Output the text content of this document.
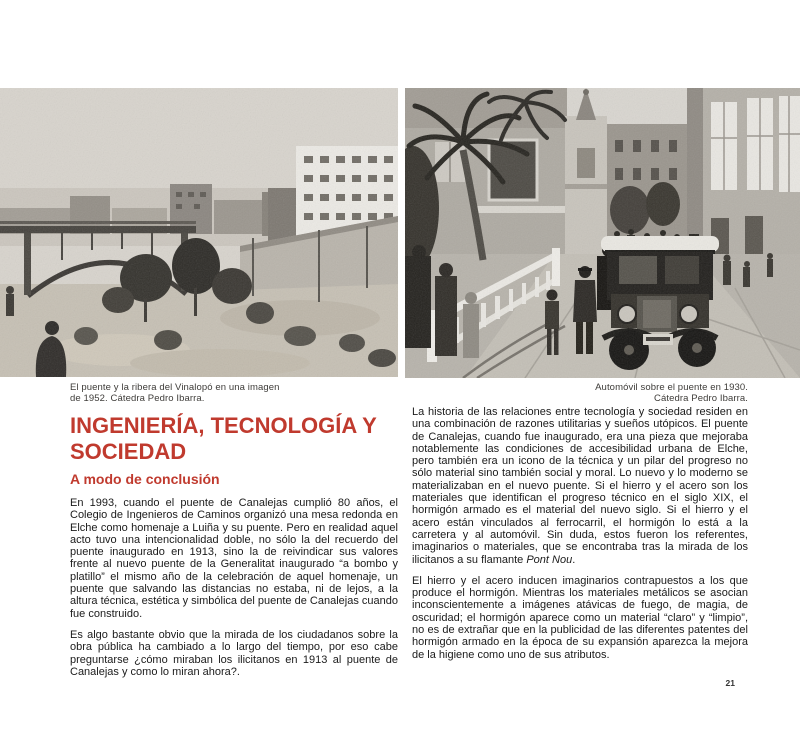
El puente y la ribera del Vinalopó en una imagen
de 1952. Cátedra Pedro Ibarra.
Automóvil sobre el puente en 1930.
Cátedra Pedro Ibarra.
INGENIERÍA, TECNOLOGÍA Y SOCIEDAD
A modo de conclusión

En 1993, cuando el puente de Canalejas cumplió 80 años, el Colegio de Ingenieros de Caminos organizó una mesa redonda en Elche como homenaje a Luiña y su puente. Pero en realidad aquel acto tuvo una intencionalidad doble, no sólo la del recuerdo del puente inaugurado en 1913, sino la de reivindicar sus valores frente al nuevo puente de la Generalitat inaugurado “a bombo y platillo” el mismo año de la celebración de aquel homenaje, un puente que salvando las distancias no estaba, ni de lejos, a la altura técnica, estética y simbólica del puente de Canalejas cuando fue construido.

Es algo bastante obvio que la mirada de los ciudadanos sobre la obra pública ha cambiado a lo largo del tiempo, por eso cabe preguntarse ¿cómo miraban los ilicitanos en 1913 al puente de Canalejas y como lo miran ahora?.

La historia de las relaciones entre tecnología y sociedad residen en una combinación de razones utilitarias y sueños utópicos. El puente de Canalejas, cuando fue inaugurado, era una pieza que mejoraba notablemente las condiciones de accesibilidad urbana de Elche, pero también era un icono de la técnica y un pilar del progreso no sólo material sino también social y moral. Lo nuevo y lo moderno se materializaban en el nuevo puente. Si el hierro y el acero son los materiales que identifican el progreso técnico en el siglo XIX, el hormigón armado es el material del nuevo siglo. Si el hierro y el acero están vinculados al ferrocarril, el hormigón lo está a la carretera y al automóvil. Sin duda, estos fueron los referentes, imaginarios o materiales, que se encontraba tras la mirada de los ilicitanos a su flamante Pont Nou.

El hierro y el acero inducen imaginarios contrapuestos a los que produce el hormigón. Mientras los materiales metálicos se asocian inconscientemente a imágenes atávicas de fuego, de magia, de oscuridad; el hormigón aparece como un material “claro” y “limpio”, no es de extrañar que en la publicidad de las diferentes patentes del hormigón armado en la época de su expansión aparezca la mejora de la higiene como uno de sus atributos.

21
